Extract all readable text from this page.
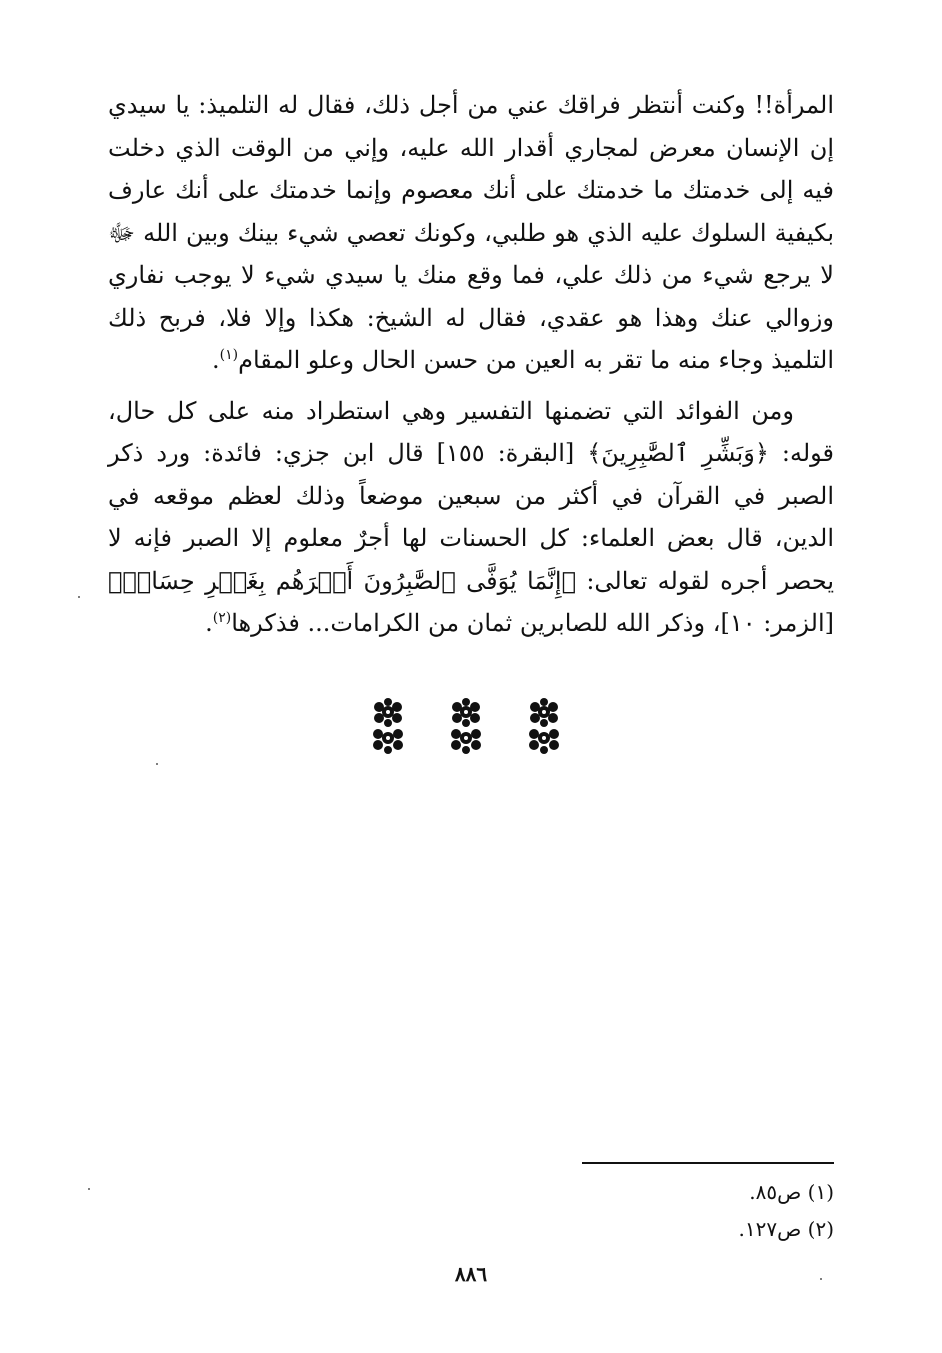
المرأة!! وكنت أنتظر فراقك عني من أجل ذلك، فقال له التلميذ: يا سيدي إن الإنسان معرض لمجاري أقدار الله عليه، وإني من الوقت الذي دخلت فيه إلى خدمتك ما خدمتك على أنك معصوم وإنما خدمتك على أنك عارف بكيفية السلوك عليه الذي هو طلبي، وكونك تعصي شيء بينك وبين الله ﷻ لا يرجع شيء من ذلك علي، فما وقع منك يا سيدي شيء لا يوجب نفاري وزوالي عنك وهذا هو عقدي، فقال له الشيخ: هكذا وإلا فلا، فربح ذلك التلميذ وجاء منه ما تقر به العين من حسن الحال وعلو المقام$^{(١)}$.

ومن الفوائد التي تضمنها التفسير وهي استطراد منه على كل حال، قوله: ﴿وَبَشِّرِ ٱلصَّٰبِرِينَ﴾ [البقرة: ١٥٥] قال ابن جزي: فائدة: ورد ذكر الصبر في القرآن في أكثر من سبعين موضعاً وذلك لعظم موقعه في الدين، قال بعض العلماء: كل الحسنات لها أجرٌ معلوم إلا الصبر فإنه لا يحصر أجره لقوله تعالى: ﴿إِنَّمَا يُوَفَّى ٱلصَّٰبِرُونَ أَجۡرَهُم بِغَيۡرِ حِسَابٖ﴾ [الزمر: ١٠]، وذكر الله للصابرين ثمان من الكرامات... فذكرها$^{(٢)}$.

(١) ص٨٥.
(٢) ص١٢٧.
٨٨٦
